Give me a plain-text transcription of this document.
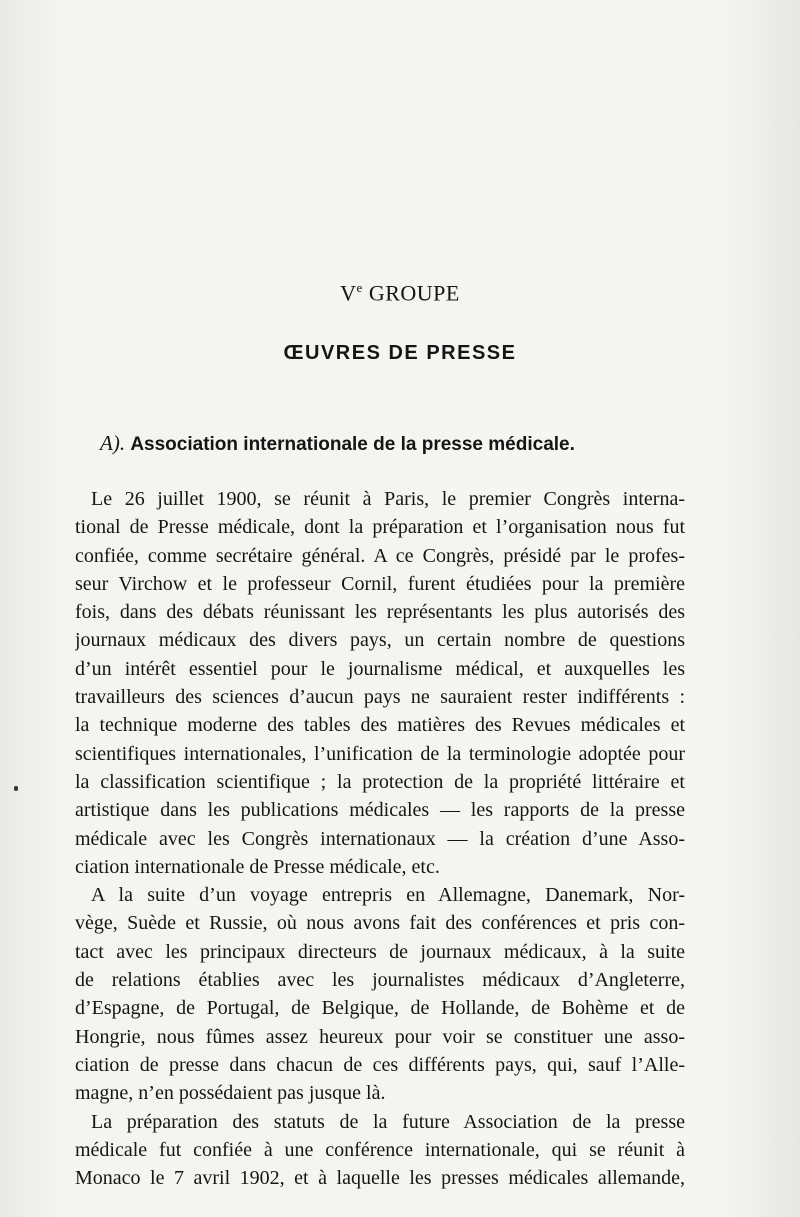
Ve GROUPE
ŒUVRES DE PRESSE
A). Association internationale de la presse médicale.
Le 26 juillet 1900, se réunit à Paris, le premier Congrès interna-
tional de Presse médicale, dont la préparation et l’organisation nous fut
confiée, comme secrétaire général. A ce Congrès, présidé par le profes-
seur Virchow et le professeur Cornil, furent étudiées pour la première
fois, dans des débats réunissant les représentants les plus autorisés des
journaux médicaux des divers pays, un certain nombre de questions
d’un intérêt essentiel pour le journalisme médical, et auxquelles les
travailleurs des sciences d’aucun pays ne sauraient rester indifférents :
la technique moderne des tables des matières des Revues médicales et
scientifiques internationales, l’unification de la terminologie adoptée pour
la classification scientifique ; la protection de la propriété littéraire et
artistique dans les publications médicales — les rapports de la presse
médicale avec les Congrès internationaux — la création d’une Asso-
ciation internationale de Presse médicale, etc.
A la suite d’un voyage entrepris en Allemagne, Danemark, Nor-
vège, Suède et Russie, où nous avons fait des conférences et pris con-
tact avec les principaux directeurs de journaux médicaux, à la suite
de relations établies avec les journalistes médicaux d’Angleterre,
d’Espagne, de Portugal, de Belgique, de Hollande, de Bohème et de
Hongrie, nous fûmes assez heureux pour voir se constituer une asso-
ciation de presse dans chacun de ces différents pays, qui, sauf l’Alle-
magne, n’en possédaient pas jusque là.
La préparation des statuts de la future Association de la presse
médicale fut confiée à une conférence internationale, qui se réunit à
Monaco le 7 avril 1902, et à laquelle les presses médicales allemande,
